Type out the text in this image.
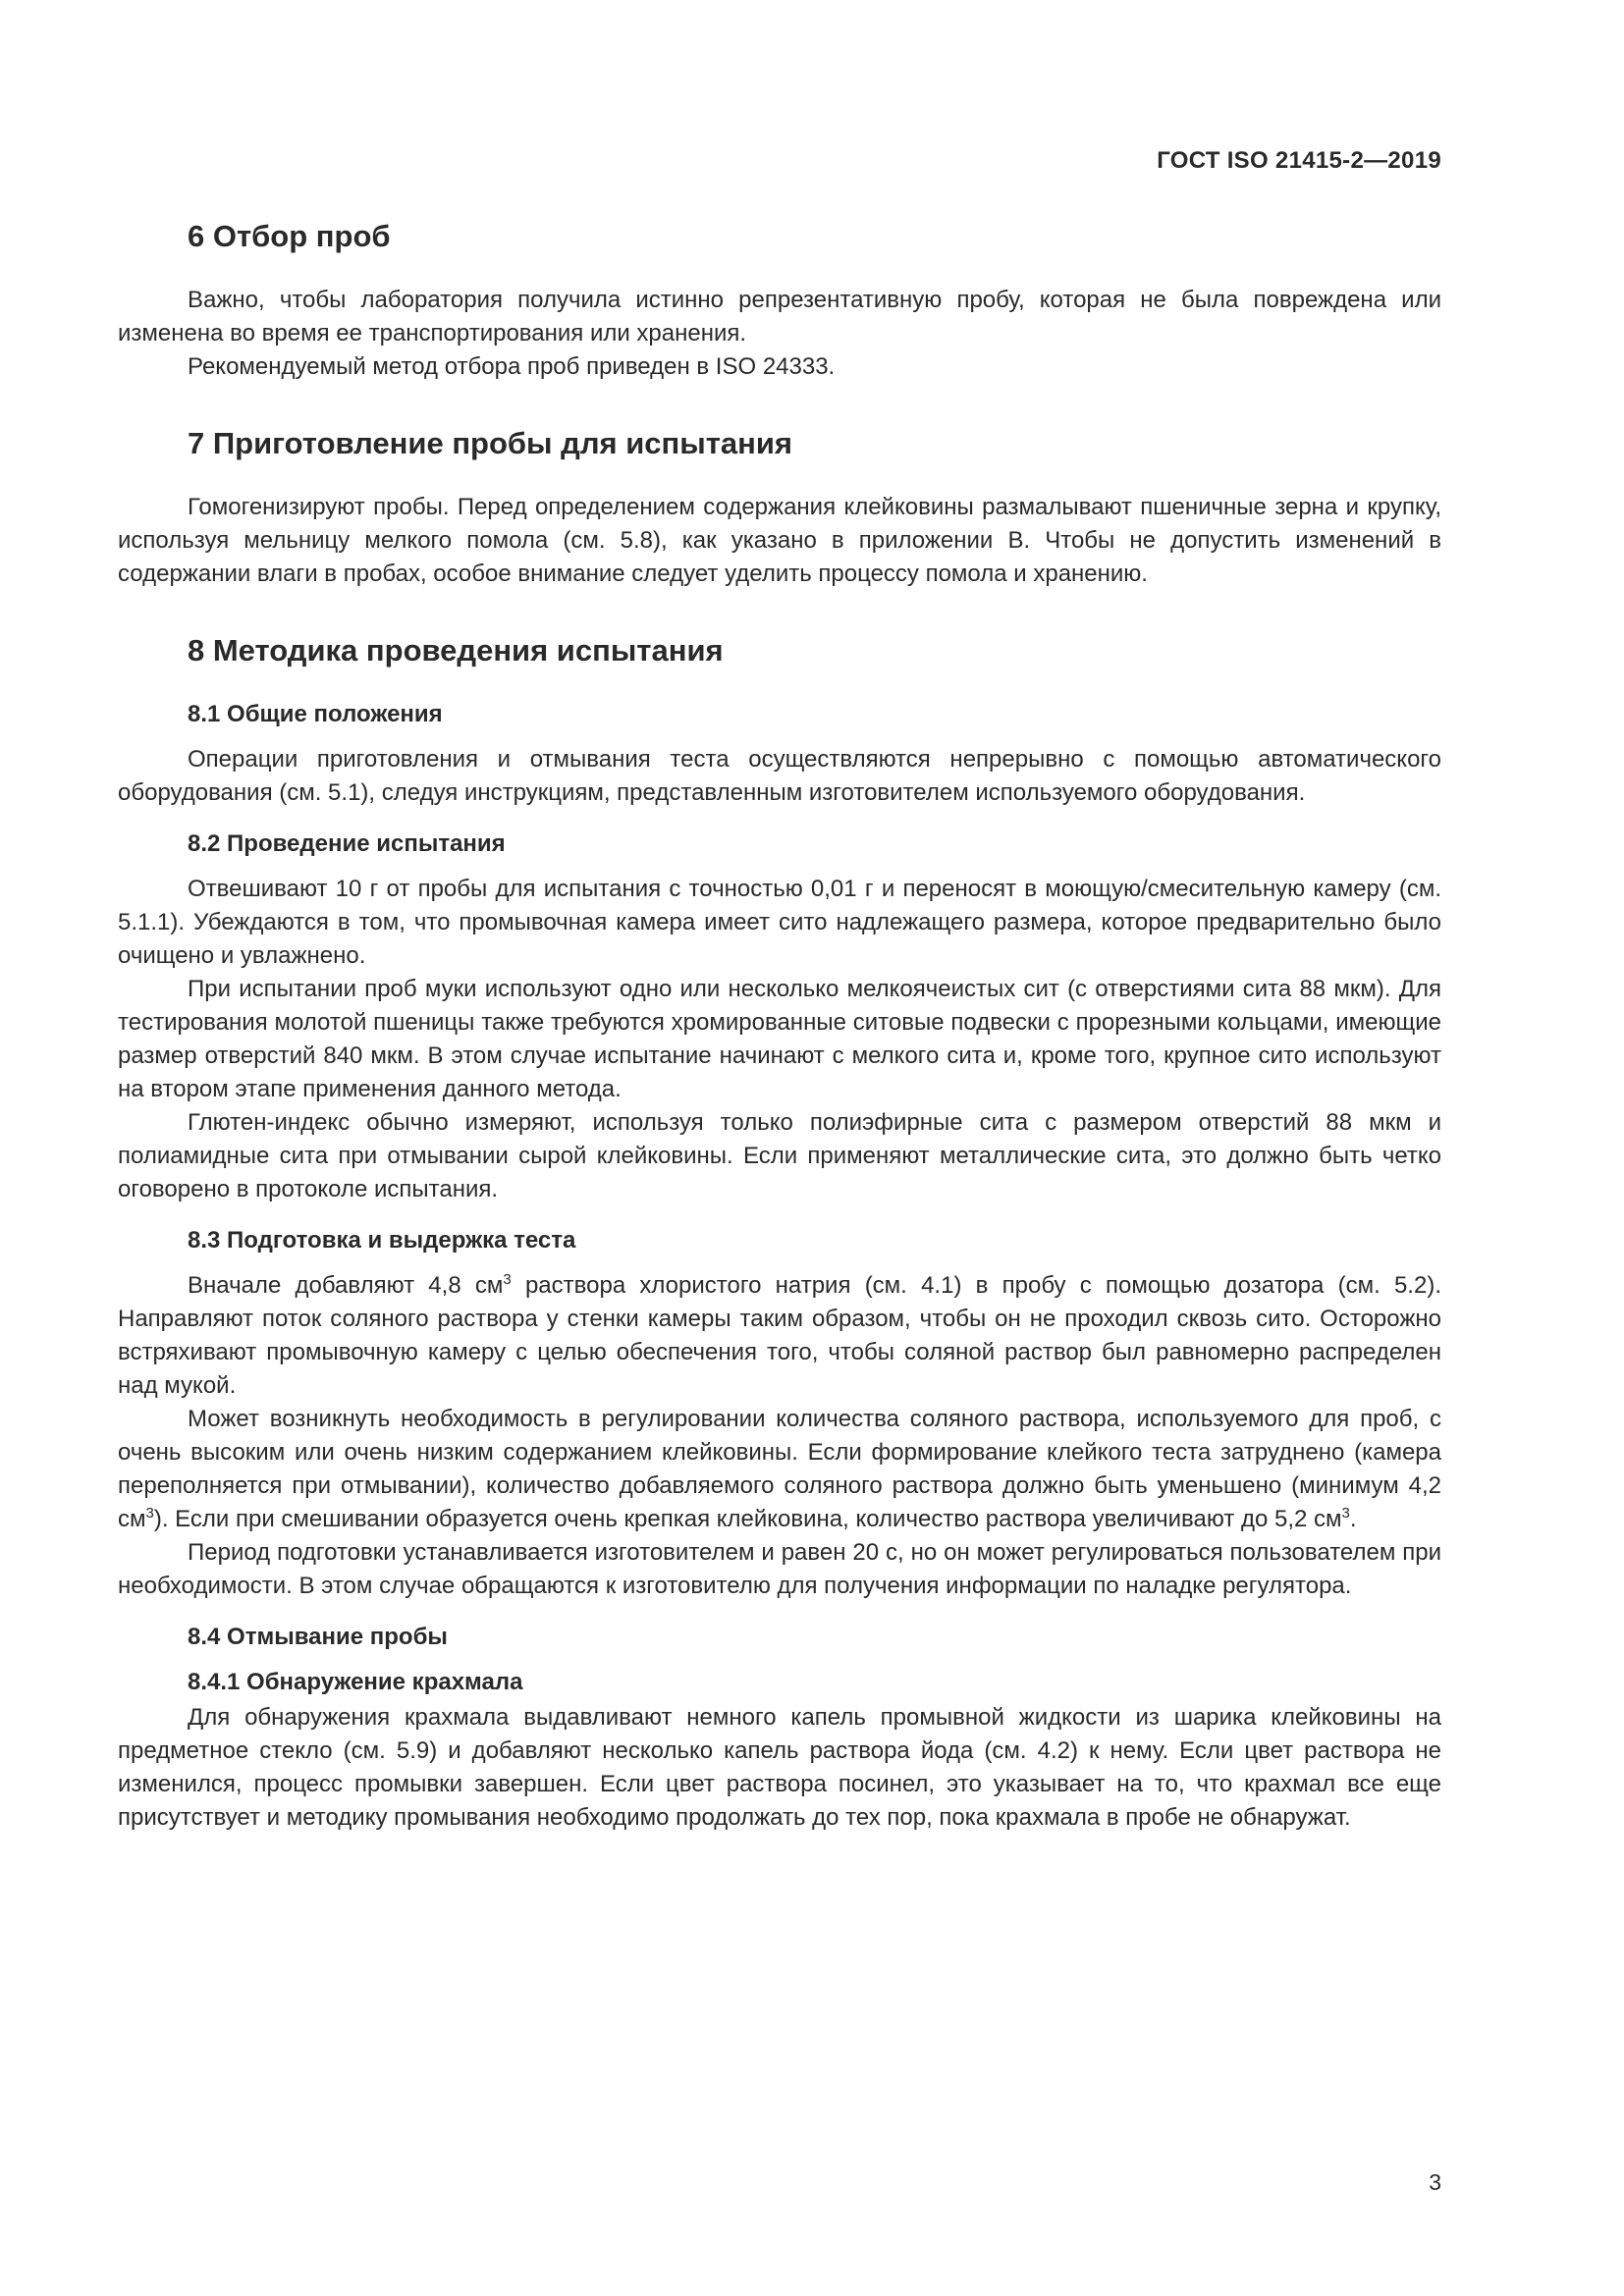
ГОСТ ISO 21415-2—2019
6 Отбор проб

Важно, чтобы лаборатория получила истинно репрезентативную пробу, которая не была повреждена или изменена во время ее транспортирования или хранения.

Рекомендуемый метод отбора проб приведен в ISO 24333.

7 Приготовление пробы для испытания

Гомогенизируют пробы. Перед определением содержания клейковины размалывают пшеничные зерна и крупку, используя мельницу мелкого помола (см. 5.8), как указано в приложении В. Чтобы не допустить изменений в содержании влаги в пробах, особое внимание следует уделить процессу помола и хранению.

8 Методика проведения испытания
8.1 Общие положения

Операции приготовления и отмывания теста осуществляются непрерывно с помощью автоматического оборудования (см. 5.1), следуя инструкциям, представленным изготовителем используемого оборудования.

8.2 Проведение испытания

Отвешивают 10 г от пробы для испытания с точностью 0,01 г и переносят в моющую/смесительную камеру (см. 5.1.1). Убеждаются в том, что промывочная камера имеет сито надлежащего размера, которое предварительно было очищено и увлажнено.

При испытании проб муки используют одно или несколько мелкоячеистых сит (с отверстиями сита 88 мкм). Для тестирования молотой пшеницы также требуются хромированные ситовые подвески с прорезными кольцами, имеющие размер отверстий 840 мкм. В этом случае испытание начинают с мелкого сита и, кроме того, крупное сито используют на втором этапе применения данного метода.

Глютен-индекс обычно измеряют, используя только полиэфирные сита с размером отверстий 88 мкм и полиамидные сита при отмывании сырой клейковины. Если применяют металлические сита, это должно быть четко оговорено в протоколе испытания.

8.3 Подготовка и выдержка теста

Вначале добавляют 4,8 $см^3$ раствора хлористого натрия (см. 4.1) в пробу с помощью дозатора (см. 5.2). Направляют поток соляного раствора у стенки камеры таким образом, чтобы он не проходил сквозь сито. Осторожно встряхивают промывочную камеру с целью обеспечения того, чтобы соляной раствор был равномерно распределен над мукой.

Может возникнуть необходимость в регулировании количества соляного раствора, используемого для проб, с очень высоким или очень низким содержанием клейковины. Если формирование клейкого теста затруднено (камера переполняется при отмывании), количество добавляемого соляного раствора должно быть уменьшено (минимум 4,2 $см^3$). Если при смешивании образуется очень крепкая клейковина, количество раствора увеличивают до 5,2 $см^3$.

Период подготовки устанавливается изготовителем и равен 20 с, но он может регулироваться пользователем при необходимости. В этом случае обращаются к изготовителю для получения информации по наладке регулятора.

8.4 Отмывание пробы
8.4.1 Обнаружение крахмала

Для обнаружения крахмала выдавливают немного капель промывной жидкости из шарика клейковины на предметное стекло (см. 5.9) и добавляют несколько капель раствора йода (см. 4.2) к нему. Если цвет раствора не изменился, процесс промывки завершен. Если цвет раствора посинел, это указывает на то, что крахмал все еще присутствует и методику промывания необходимо продолжать до тех пор, пока крахмала в пробе не обнаружат.

3
